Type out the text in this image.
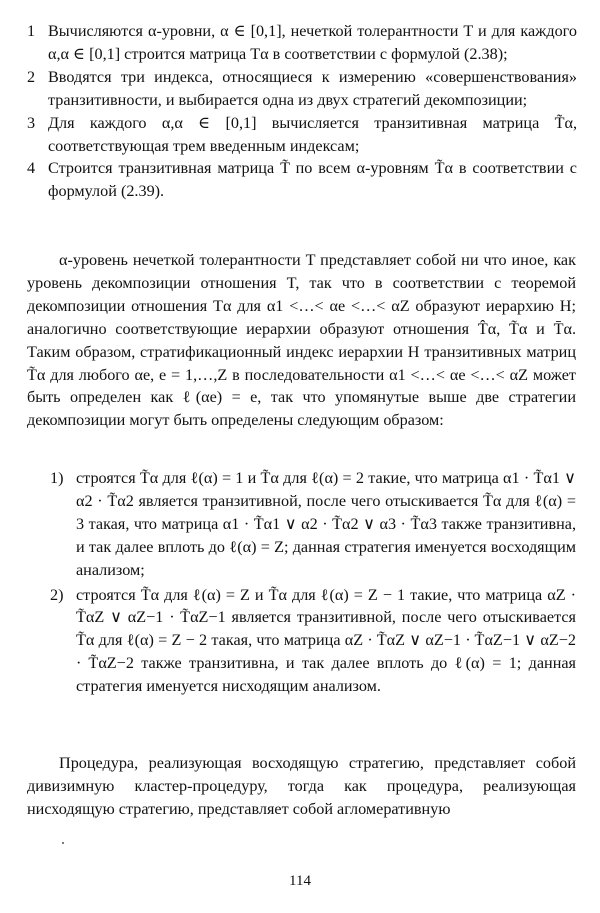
1 Вычисляются α-уровни, α ∈ [0,1], нечеткой толерантности T и для каждого α,α ∈ [0,1] строится матрица Tα в соответствии с формулой (2.38);
2 Вводятся три индекса, относящиеся к измерению «совершенствования» транзитивности, и выбирается одна из двух стратегий декомпозиции;
3 Для каждого α,α ∈ [0,1] вычисляется транзитивная матрица T̃α, соответствующая трем введенным индексам;
4 Строится транзитивная матрица T̃ по всем α-уровням T̃α в соответствии с формулой (2.39).
α-уровень нечеткой толерантности T представляет собой ни что иное, как уровень декомпозиции отношения T, так что в соответствии с теоремой декомпозиции отношения Tα для α1 <…< αe <…< αZ образуют иерархию H; аналогично соответствующие иерархии образуют отношения T̂α, T̃α и T̄α. Таким образом, стратификационный индекс иерархии H транзитивных матриц T̃α для любого αe, e = 1,…,Z в последовательности α1 <…< αe <…< αZ может быть определен как ℓ(αe) = e, так что упомянутые выше две стратегии декомпозиции могут быть определены следующим образом:
1) строятся T̃α для ℓ(α) = 1 и T̃α для ℓ(α) = 2 такие, что матрица α1 · T̃α1 ∨ α2 · T̃α2 является транзитивной, после чего отыскивается T̃α для ℓ(α) = 3 такая, что матрица α1 · T̃α1 ∨ α2 · T̃α2 ∨ α3 · T̃α3 также транзитивна, и так далее вплоть до ℓ(α) = Z; данная стратегия именуется восходящим анализом;
2) строятся T̃α для ℓ(α) = Z и T̃α для ℓ(α) = Z − 1 такие, что матрица αZ · T̃αZ ∨ αZ−1 · T̃αZ−1 является транзитивной, после чего отыскивается T̃α для ℓ(α) = Z − 2 такая, что матрица αZ · T̃αZ ∨ αZ−1 · T̃αZ−1 ∨ αZ−2 · T̃αZ−2 также транзитивна, и так далее вплоть до ℓ(α) = 1; данная стратегия именуется нисходящим анализом.
Процедура, реализующая восходящую стратегию, представляет собой дивизимную кластер-процедуру, тогда как процедура, реализующая нисходящую стратегию, представляет собой агломеративную
114
